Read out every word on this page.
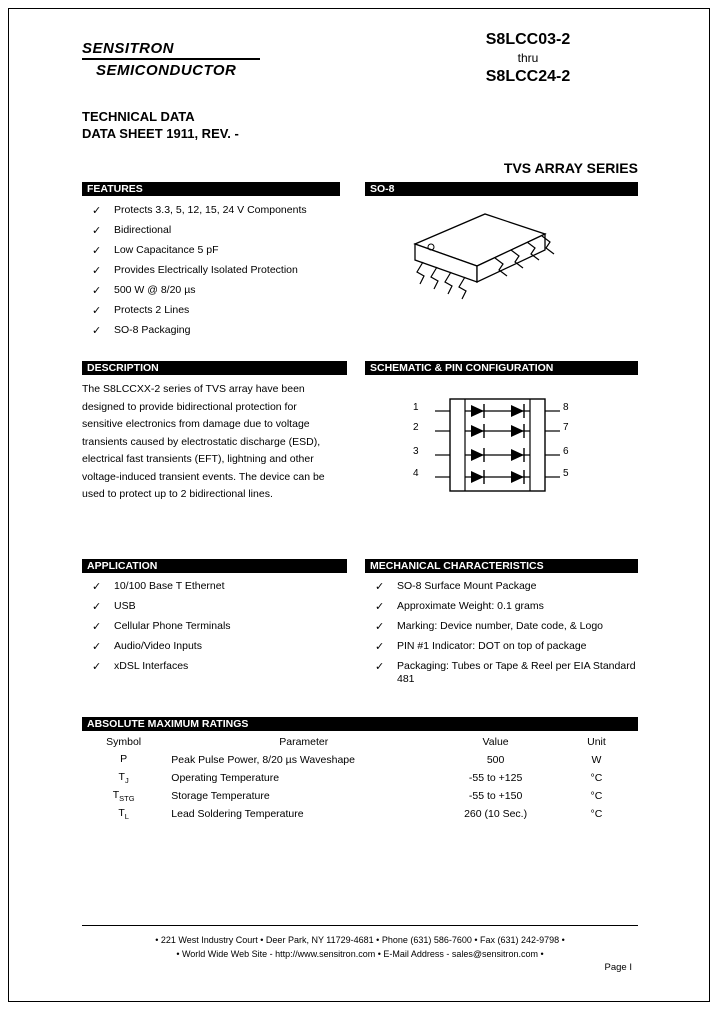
SENSITRON
SEMICONDUCTOR
S8LCC03-2
thru
S8LCC24-2
TECHNICAL DATA
DATA SHEET 1911, REV. -
TVS ARRAY SERIES
FEATURES
✓	Protects 3.3, 5, 12, 15, 24 V Components
✓	Bidirectional
✓	Low Capacitance 5 pF
✓	Provides Electrically Isolated Protection
✓	500 W @ 8/20 µs
✓	Protects 2 Lines
✓	SO-8 Packaging
SO-8
DESCRIPTION
The S8LCCXX-2 series of TVS array have been designed to provide bidirectional protection for sensitive electronics from damage due to voltage transients caused by electrostatic discharge (ESD), electrical fast transients (EFT), lightning and other voltage-induced transient events. The device can be used to protect up to 2 bidirectional lines.
SCHEMATIC & PIN CONFIGURATION
1
2
3
4
8
7
6
5
APPLICATION
✓	10/100 Base T Ethernet
✓	USB
✓	Cellular Phone Terminals
✓	Audio/Video Inputs
✓	xDSL Interfaces
MECHANICAL CHARACTERISTICS
✓	SO-8 Surface Mount Package
✓	Approximate Weight: 0.1 grams
✓	Marking: Device number, Date code, & Logo
✓	PIN #1 Indicator: DOT on top of package
✓	Packaging: Tubes or Tape & Reel per EIA Standard 481
ABSOLUTE MAXIMUM RATINGS
Symbol	Parameter	Value	Unit
P	Peak Pulse Power, 8/20 µs Waveshape	500	W
$T_J$	Operating Temperature	-55 to +125	°C
$T_{STG}$	Storage Temperature	-55 to +150	°C
$T_L$	Lead Soldering Temperature	260 (10 Sec.)	°C
• 221 West Industry Court • Deer Park, NY 11729-4681 • Phone (631) 586-7600 • Fax (631) 242-9798 •
• World Wide Web Site - http://www.sensitron.com • E-Mail Address - sales@sensitron.com •
Page I
